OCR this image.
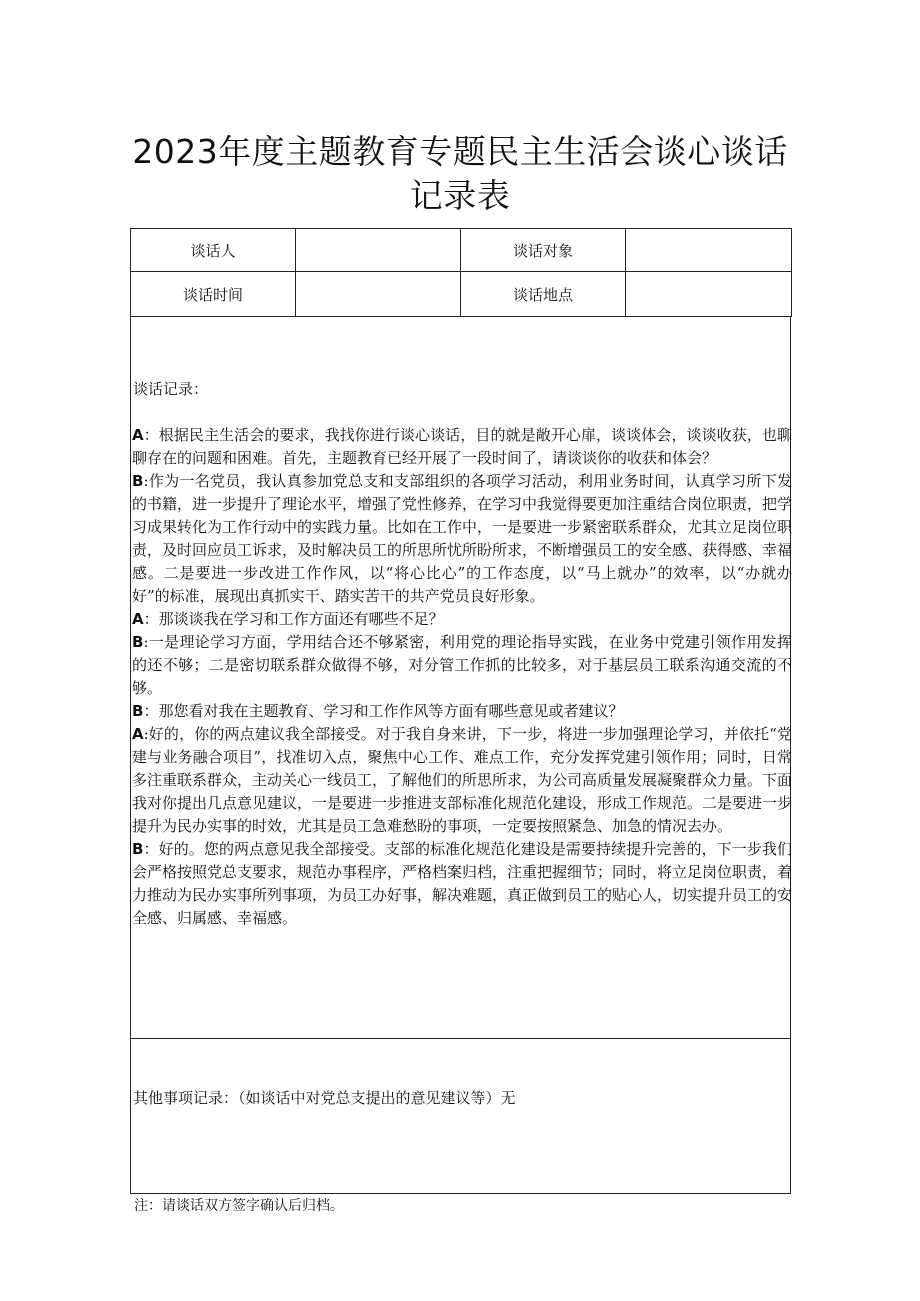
2023年度主题教育专题民主生活会谈心谈话记录表
谈话人		谈话对象	
谈话时间		谈话地点	
谈话记录：

A：根据民主生活会的要求，我找你进行谈心谈话，目的就是敞开心扉，谈谈体会，谈谈收获，也聊聊存在的问题和困难。首先，主题教育已经开展了一段时间了，请谈谈你的收获和体会？

B:作为一名党员，我认真参加党总支和支部组织的各项学习活动，利用业务时间，认真学习所下发的书籍，进一步提升了理论水平，增强了党性修养，在学习中我觉得要更加注重结合岗位职责，把学习成果转化为工作行动中的实践力量。比如在工作中，一是要进一步紧密联系群众，尤其立足岗位职责，及时回应员工诉求，及时解决员工的所思所忧所盼所求，不断增强员工的安全感、获得感、幸福感。二是要进一步改进工作作风，以“将心比心”的工作态度，以“马上就办”的效率，以“办就办好”的标准，展现出真抓实干、踏实苦干的共产党员良好形象。

A：那谈谈我在学习和工作方面还有哪些不足？

B:一是理论学习方面，学用结合还不够紧密，利用党的理论指导实践，在业务中党建引领作用发挥的还不够；二是密切联系群众做得不够，对分管工作抓的比较多，对于基层员工联系沟通交流的不够。

B：那您看对我在主题教育、学习和工作作风等方面有哪些意见或者建议？

A:好的，你的两点建议我全部接受。对于我自身来讲，下一步，将进一步加强理论学习，并依托“党建与业务融合项目”，找准切入点，聚焦中心工作、难点工作，充分发挥党建引领作用；同时，日常多注重联系群众，主动关心一线员工，了解他们的所思所求，为公司高质量发展凝聚群众力量。下面我对你提出几点意见建议，一是要进一步推进支部标准化规范化建设，形成工作规范。二是要进一步提升为民办实事的时效，尤其是员工急难愁盼的事项，一定要按照紧急、加急的情况去办。

B：好的。您的两点意见我全部接受。支部的标准化规范化建设是需要持续提升完善的，下一步我们会严格按照党总支要求，规范办事程序，严格档案归档，注重把握细节；同时，将立足岗位职责，着力推动为民办实事所列事项，为员工办好事，解决难题，真正做到员工的贴心人，切实提升员工的安全感、归属感、幸福感。

其他事项记录：（如谈话中对党总支提出的意见建议等）无
注：请谈话双方签字确认后归档。
